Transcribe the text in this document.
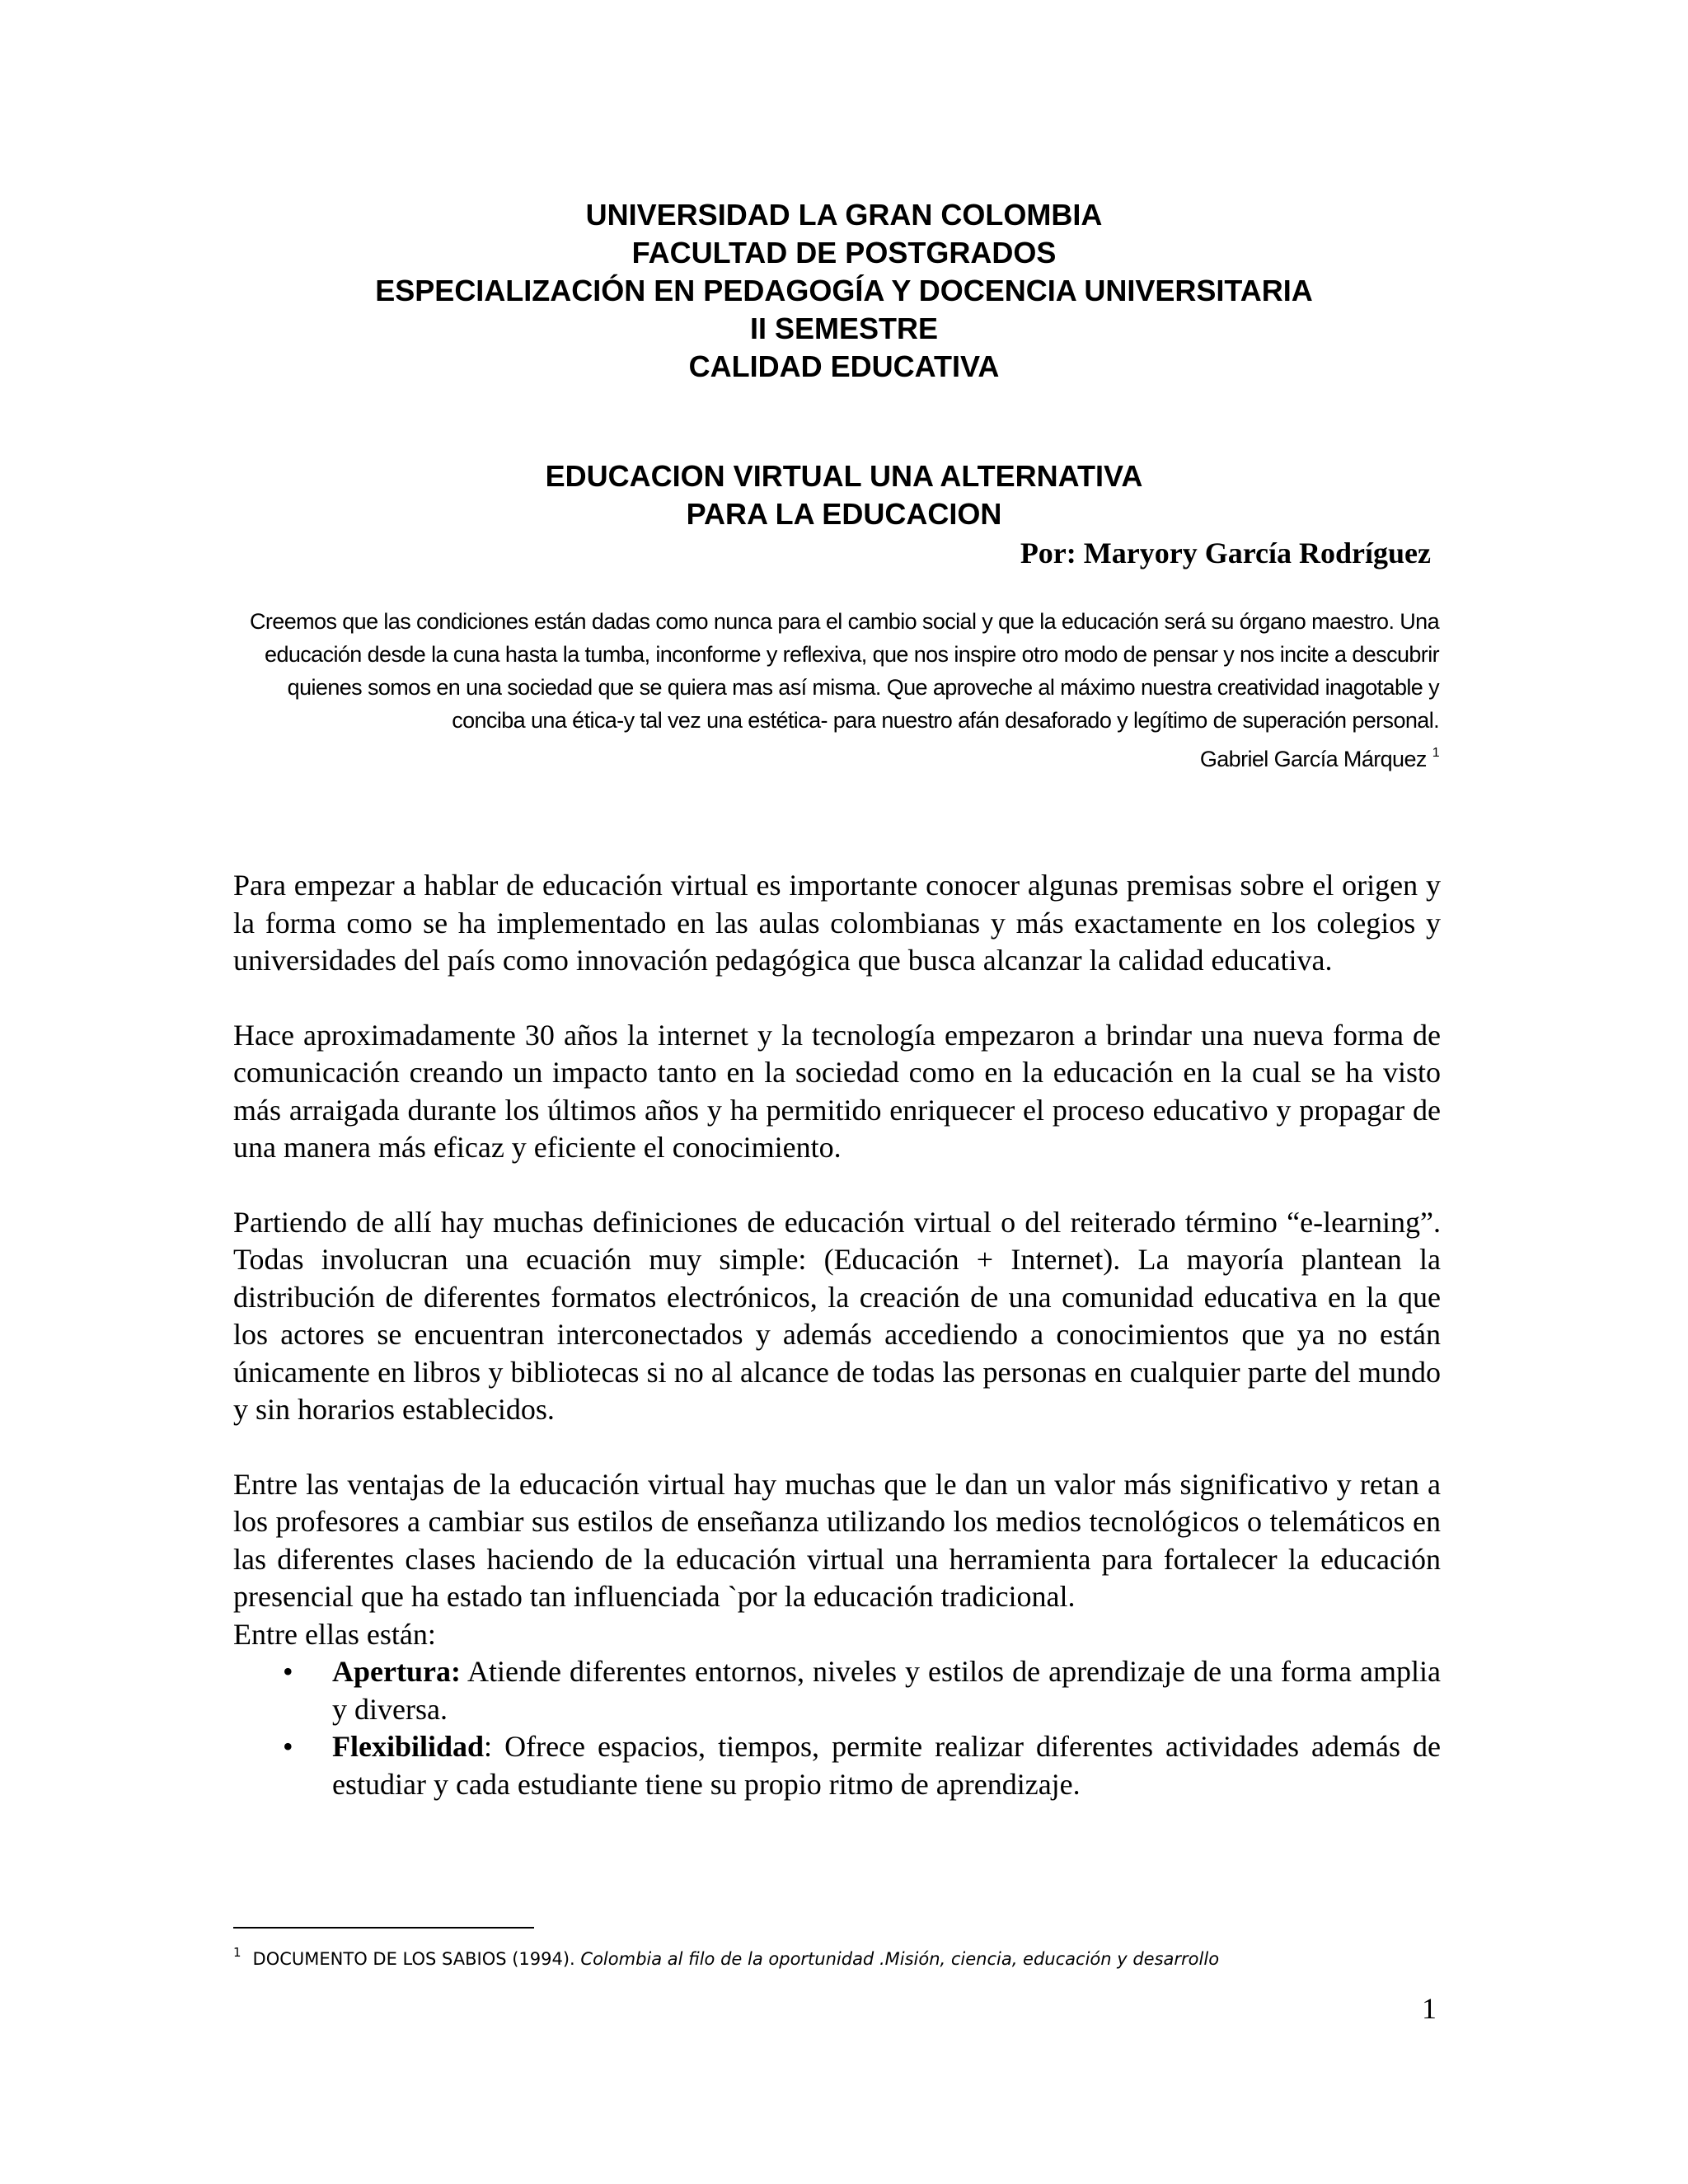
UNIVERSIDAD LA GRAN COLOMBIA
FACULTAD DE POSTGRADOS
ESPECIALIZACIÓN EN PEDAGOGÍA Y DOCENCIA UNIVERSITARIA
II SEMESTRE
CALIDAD EDUCATIVA
EDUCACION VIRTUAL UNA ALTERNATIVA
PARA LA EDUCACION
Por: Maryory García Rodríguez

Creemos que las condiciones están dadas como nunca para el cambio social y que la educación será su órgano maestro. Una educación desde la cuna hasta la tumba, inconforme y reflexiva, que nos inspire otro modo de pensar y nos incite a descubrir quienes somos en una sociedad que se quiera mas así misma. Que aproveche al máximo nuestra creatividad inagotable y conciba una ética-y tal vez una estética- para nuestro afán desaforado y legítimo de superación personal.

Gabriel García Márquez $^1$

Para empezar a hablar de educación virtual es importante conocer algunas premisas sobre el origen y la forma como se ha implementado en las aulas colombianas y más exactamente en los colegios y universidades del país como innovación pedagógica que busca alcanzar la calidad educativa.

Hace aproximadamente 30 años la internet y la tecnología empezaron a brindar una nueva forma de comunicación creando un impacto tanto en la sociedad como en la educación en la cual se ha visto más arraigada durante los últimos años y ha permitido enriquecer el proceso educativo y propagar de una manera más eficaz y eficiente el conocimiento.

Partiendo de allí hay muchas definiciones de educación virtual o del reiterado término “e-learning”. Todas involucran una ecuación muy simple: (Educación + Internet). La mayoría plantean la distribución de diferentes formatos electrónicos, la creación de una comunidad educativa en la que los actores se encuentran interconectados y además accediendo a conocimientos que ya no están únicamente en libros y bibliotecas si no al alcance de todas las personas en cualquier parte del mundo y sin horarios establecidos.

Entre las ventajas de la educación virtual hay muchas que le dan un valor más significativo y retan a los profesores a cambiar sus estilos de enseñanza utilizando los medios tecnológicos o telemáticos en las diferentes clases haciendo de la educación virtual una herramienta para fortalecer la educación presencial que ha estado tan influenciada `por la educación tradicional.

Entre ellas están:

• Apertura: Atiende diferentes entornos, niveles y estilos de aprendizaje de una forma amplia y diversa.
• Flexibilidad: Ofrece espacios, tiempos, permite realizar diferentes actividades además de estudiar y cada estudiante tiene su propio ritmo de aprendizaje.
$^1$ DOCUMENTO DE LOS SABIOS (1994). Colombia al filo de la oportunidad .Misión, ciencia, educación y desarrollo
1
